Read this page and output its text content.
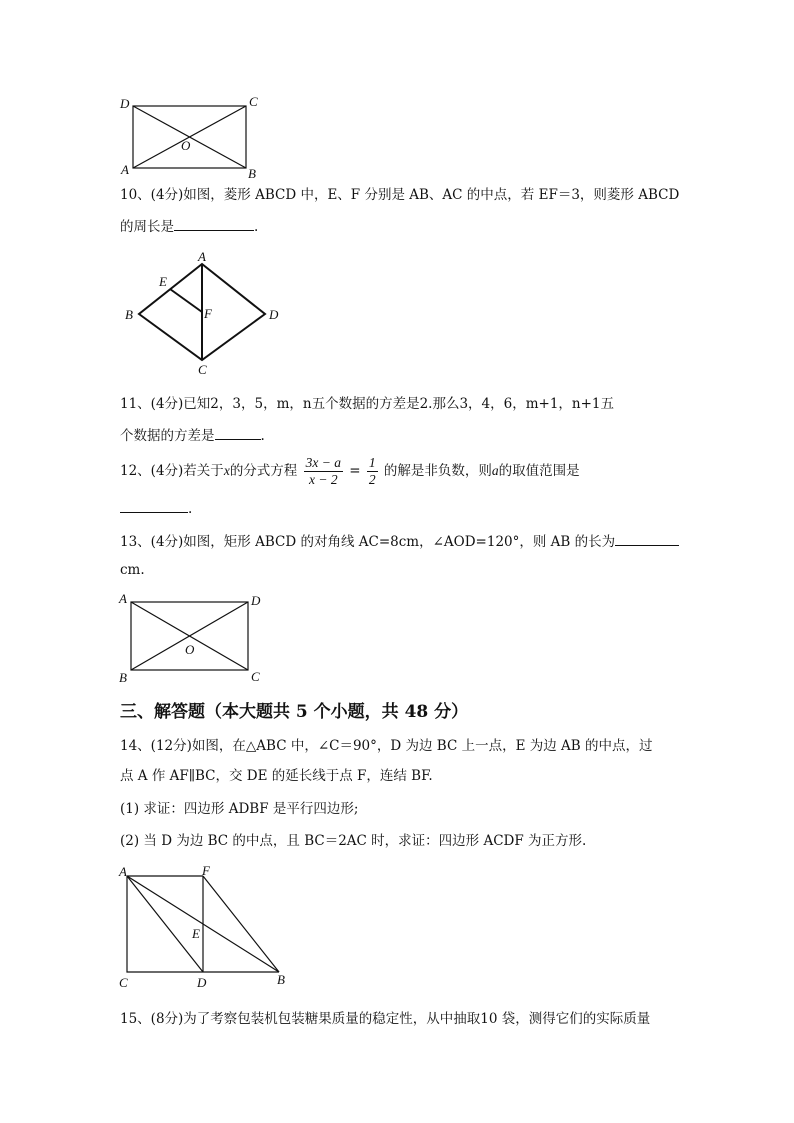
D	C
A	B
O
10、(4分)如图，菱形 ABCD 中，E、F 分别是 AB、AC 的中点，若 EF＝3，则菱形 ABCD
的周长是	.
A
E
B	F	D
C
11、(4分)已知2，3，5，m，n五个数据的方差是2.那么3，4，6，m+1，n+1五
个数据的方差是	.
12、(4分)若关于x的分式方程 $\frac{3x - a}{x - 2} = \frac{1}{2}$ 的解是非负数，则a的取值范围是
.
13、(4分)如图，矩形 ABCD 的对角线 AC=8cm，∠AOD=120°，则 AB 的长为
cm.
A	D
B	C
O
三、解答题（本大题共 5 个小题，共 48 分）
14、(12分)如图，在△ABC 中，∠C＝90°，D 为边 BC 上一点，E 为边 AB 的中点，过
点 A 作 AF∥BC，交 DE 的延长线于点 F，连结 BF.
(1) 求证：四边形 ADBF 是平行四边形;
(2) 当 D 为边 BC 的中点，且 BC＝2AC 时，求证：四边形 ACDF 为正方形.
A	F
E
C	D	B
15、(8分)为了考察包装机包装糖果质量的稳定性，从中抽取10 袋，测得它们的实际质量
